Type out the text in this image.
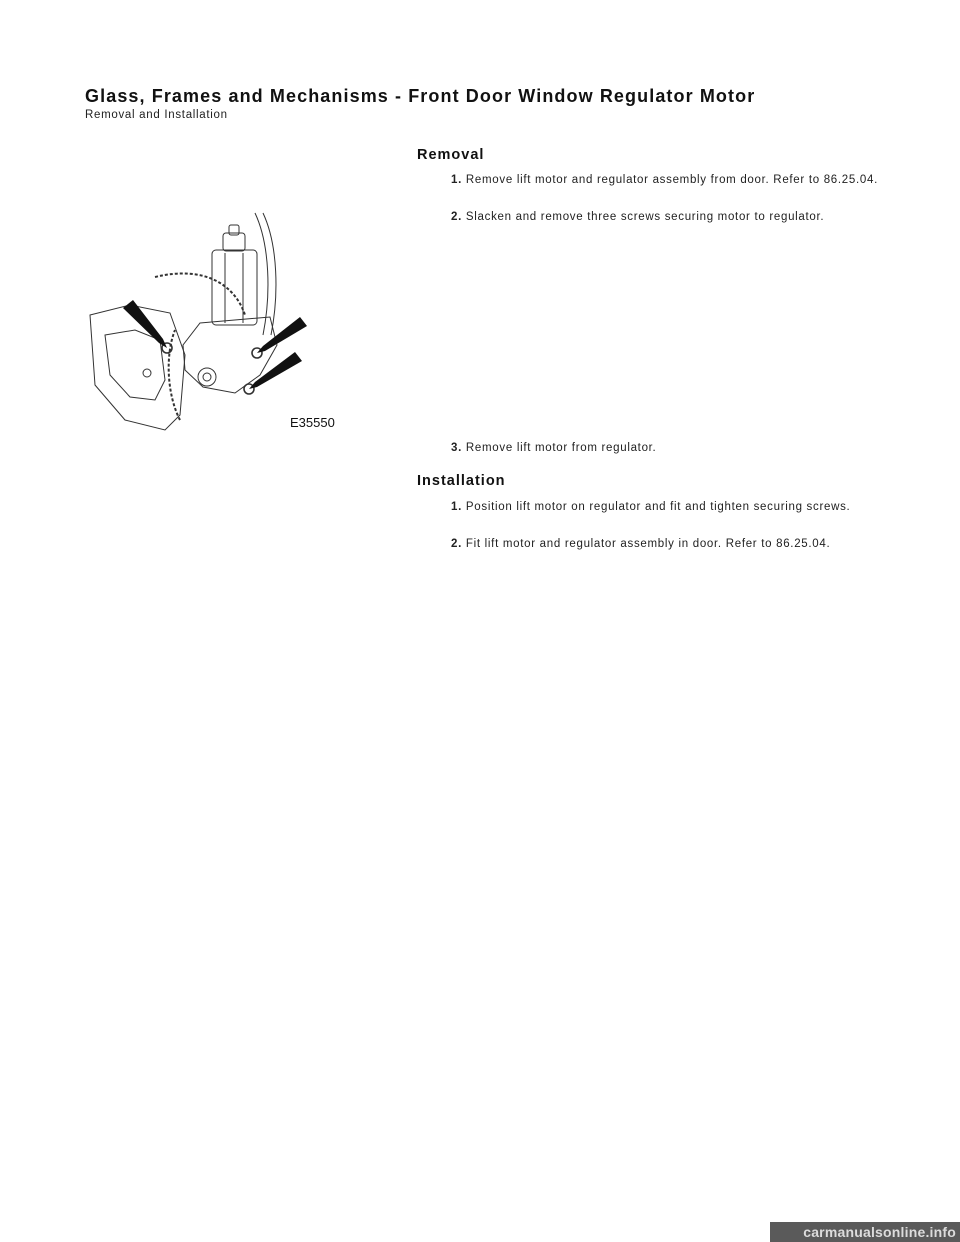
Glass, Frames and Mechanisms - Front Door Window Regulator Motor
Removal and Installation
Removal
1. Remove lift motor and regulator assembly from door. Refer to 86.25.04.
2. Slacken and remove three screws securing motor to regulator.
3. Remove lift motor from regulator.
Installation
1. Position lift motor on regulator and fit and tighten securing screws.
2. Fit lift motor and regulator assembly in door. Refer to 86.25.04.
E35550
carmanualsonline.info
